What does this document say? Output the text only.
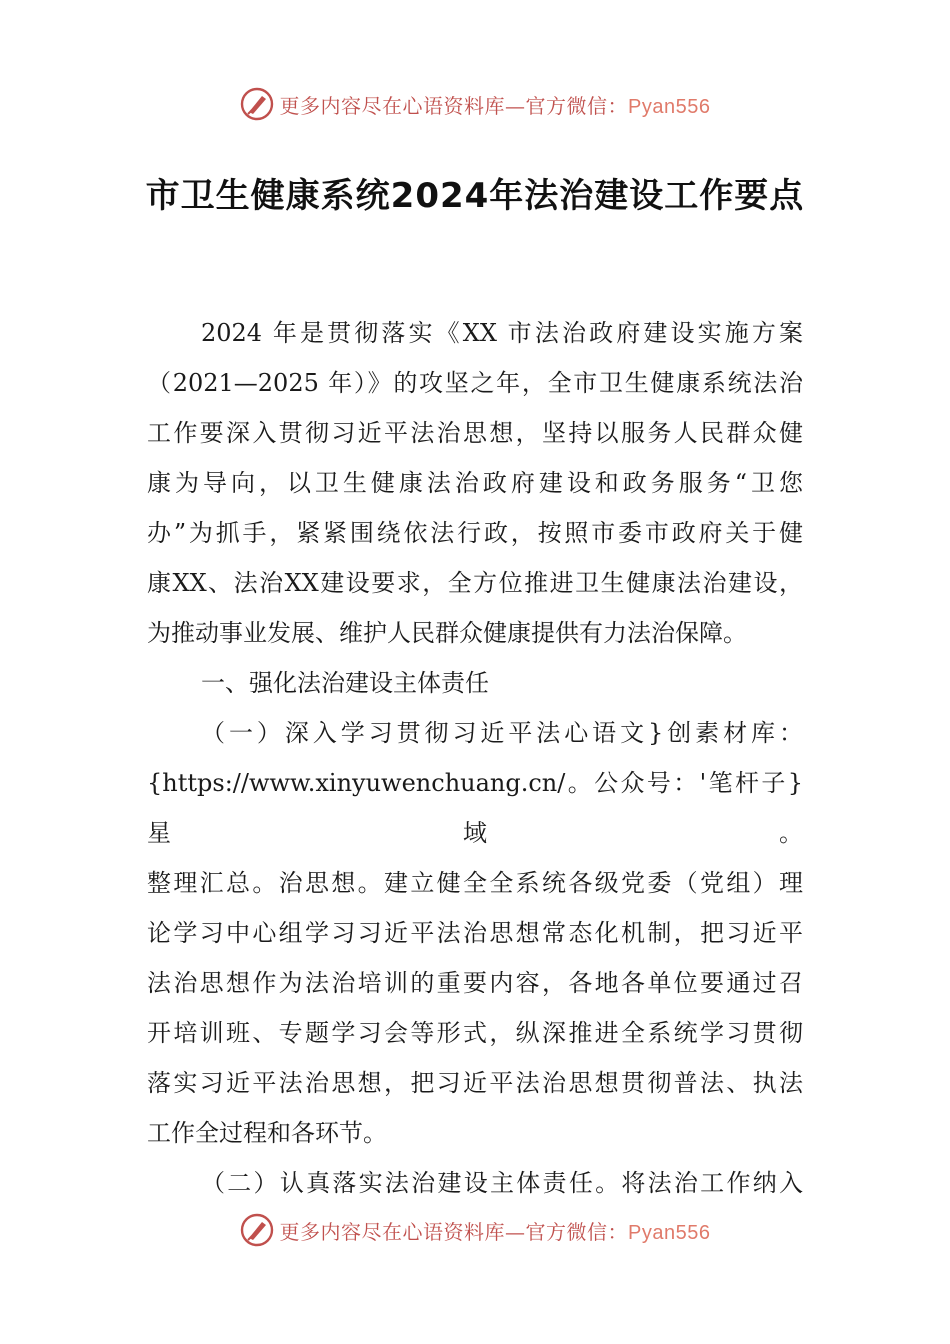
更多内容尽在心语资料库—官方微信：Pyan556
市卫生健康系统2024年法治建设工作要点

2024 年是贯彻落实《XX 市法治政府建设实施方案

（2021—2025 年）》的攻坚之年，全市卫生健康系统法治

工作要深入贯彻习近平法治思想，坚持以服务人民群众健

康为导向，以卫生健康法治政府建设和政务服务“卫您

办”为抓手，紧紧围绕依法行政，按照市委市政府关于健

康XX、法治XX建设要求，全方位推进卫生健康法治建设，

为推动事业发展、维护人民群众健康提供有力法治保障。

一、强化法治建设主体责任

（一）深入学习贯彻习近平法心语文}创素材库：

{https://www.xinyuwenchuang.cn/。公众号：'笔杆子}星域。

整理汇总。治思想。建立健全全系统各级党委（党组）理

论学习中心组学习习近平法治思想常态化机制，把习近平

法治思想作为法治培训的重要内容，各地各单位要通过召

开培训班、专题学习会等形式，纵深推进全系统学习贯彻

落实习近平法治思想，把习近平法治思想贯彻普法、执法

工作全过程和各环节。

（二）认真落实法治建设主体责任。将法治工作纳入

更多内容尽在心语资料库—官方微信：Pyan556
